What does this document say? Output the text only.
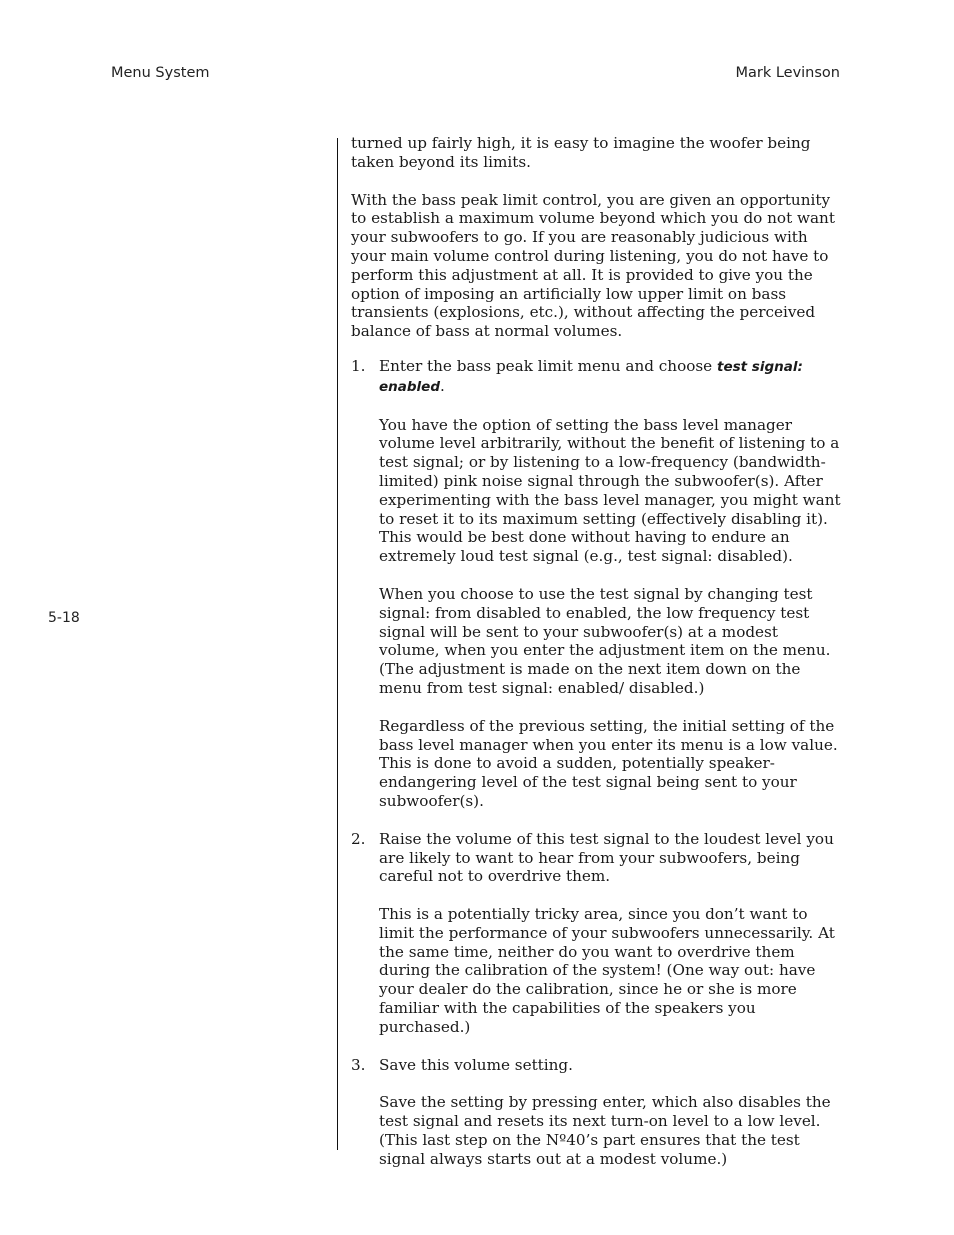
Menu System	Mark Levinson
5-18

turned up fairly high, it is easy to imagine the woofer being taken beyond its limits.

With the bass peak limit control, you are given an opportunity to establish a maximum volume beyond which you do not want your subwoofers to go. If you are reasonably judicious with your main volume control during listening, you do not have to perform this adjustment at all. It is provided to give you the option of imposing an artificially low upper limit on bass transients (explosions, etc.), without affecting the perceived balance of bass at normal volumes.

1. Enter the bass peak limit menu and choose test signal: enabled.

You have the option of setting the bass level manager volume level arbitrarily, without the benefit of listening to a test signal; or by listening to a low-frequency (bandwidth-limited) pink noise signal through the subwoofer(s). After experimenting with the bass level manager, you might want to reset it to its maximum setting (effectively disabling it). This would be best done without having to endure an extremely loud test signal (e.g., test signal: disabled).

When you choose to use the test signal by changing test signal: from disabled to enabled, the low frequency test signal will be sent to your subwoofer(s) at a modest volume, when you enter the adjustment item on the menu. (The adjustment is made on the next item down on the menu from test signal: enabled/ disabled.)

Regardless of the previous setting, the initial setting of the bass level manager when you enter its menu is a low value. This is done to avoid a sudden, potentially speaker-endangering level of the test signal being sent to your subwoofer(s).

2. Raise the volume of this test signal to the loudest level you are likely to want to hear from your subwoofers, being careful not to overdrive them.

This is a potentially tricky area, since you don’t want to limit the performance of your subwoofers unnecessarily. At the same time, neither do you want to overdrive them during the calibration of the system! (One way out: have your dealer do the calibration, since he or she is more familiar with the capabilities of the speakers you purchased.)

3. Save this volume setting.

Save the setting by pressing enter, which also disables the test signal and resets its next turn-on level to a low level. (This last step on the Nº40’s part ensures that the test signal always starts out at a modest volume.)
